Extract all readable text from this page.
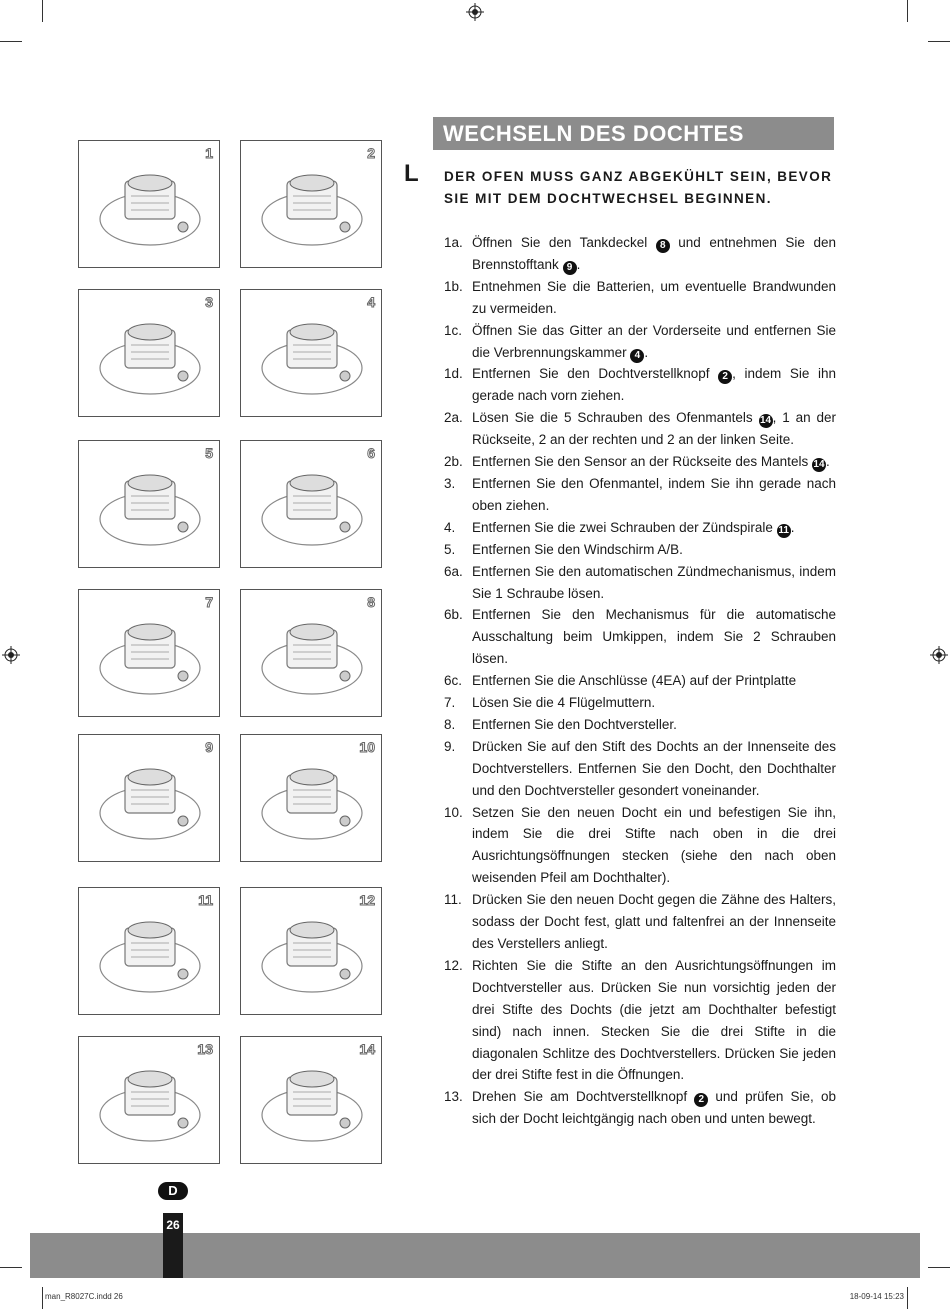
WECHSELN DES DOCHTES
L DER OFEN MUSS GANZ ABGEKÜHLT SEIN, BEVOR SIE MIT DEM DOCHTWECHSEL BEGINNEN.
1a. Öffnen Sie den Tankdeckel 8 und entnehmen Sie den Brennstofftank 9 .
1b. Entnehmen Sie die Batterien, um eventuelle Brandwunden zu vermeiden.
1c. Öffnen Sie das Gitter an der Vorderseite und entfernen Sie die Verbrennungskammer 4 .
1d. Entfernen Sie den Dochtverstellknopf 2 , indem Sie ihn gerade nach vorn ziehen.
2a. Lösen Sie die 5 Schrauben des Ofenmantels 14, 1 an der Rückseite, 2 an der rechten und 2 an der linken Seite.
2b. Entfernen Sie den Sensor an der Rückseite des Mantels 14.
3.	Entfernen Sie den Ofenmantel, indem Sie ihn gerade nach oben ziehen.
4.	Entfernen Sie die zwei Schrauben der Zündspirale 11 .
5.	Entfernen Sie den Windschirm A/B.
6a. Entfernen Sie den automatischen Zündmechanismus, indem Sie 1 Schraube lösen.
6b. Entfernen Sie den Mechanismus für die automatische Ausschaltung beim Umkippen, indem Sie 2 Schrauben lösen.
6c. Entfernen Sie die Anschlüsse (4EA) auf der Printplatte
7.	Lösen Sie die 4 Flügelmuttern.
8.	Entfernen Sie den Dochtversteller.
9.	Drücken Sie auf den Stift des Dochts an der Innenseite des Dochtverstellers. Entfernen Sie den Docht, den Dochthalter und den Dochtversteller gesondert voneinander.
10. Setzen Sie den neuen Docht ein und befestigen Sie ihn, indem Sie die drei Stifte nach oben in die drei Ausrichtungsöffnungen stecken (siehe den nach oben weisenden Pfeil am Dochthalter).
11. Drücken Sie den neuen Docht gegen die Zähne des Halters, sodass der Docht fest, glatt und faltenfrei an der Innenseite des Verstellers anliegt.
12. Richten Sie die Stifte an den Ausrichtungsöffnungen im Dochtversteller aus. Drücken Sie nun vorsichtig jeden der drei Stifte des Dochts (die jetzt am Dochthalter befestigt sind) nach innen. Stecken Sie die drei Stifte in die diagonalen Schlitze des Dochtverstellers. Drücken Sie jeden der drei Stifte fest in die Öffnungen.
13. Drehen Sie am Dochtverstellknopf 2 und prüfen Sie, ob sich der Docht leichtgängig nach oben und unten bewegt.
1	2
3	4
5	6
7	8
9	10
11	12
13	14
D
26
man_R8027C.indd 26	18-09-14 15:23
